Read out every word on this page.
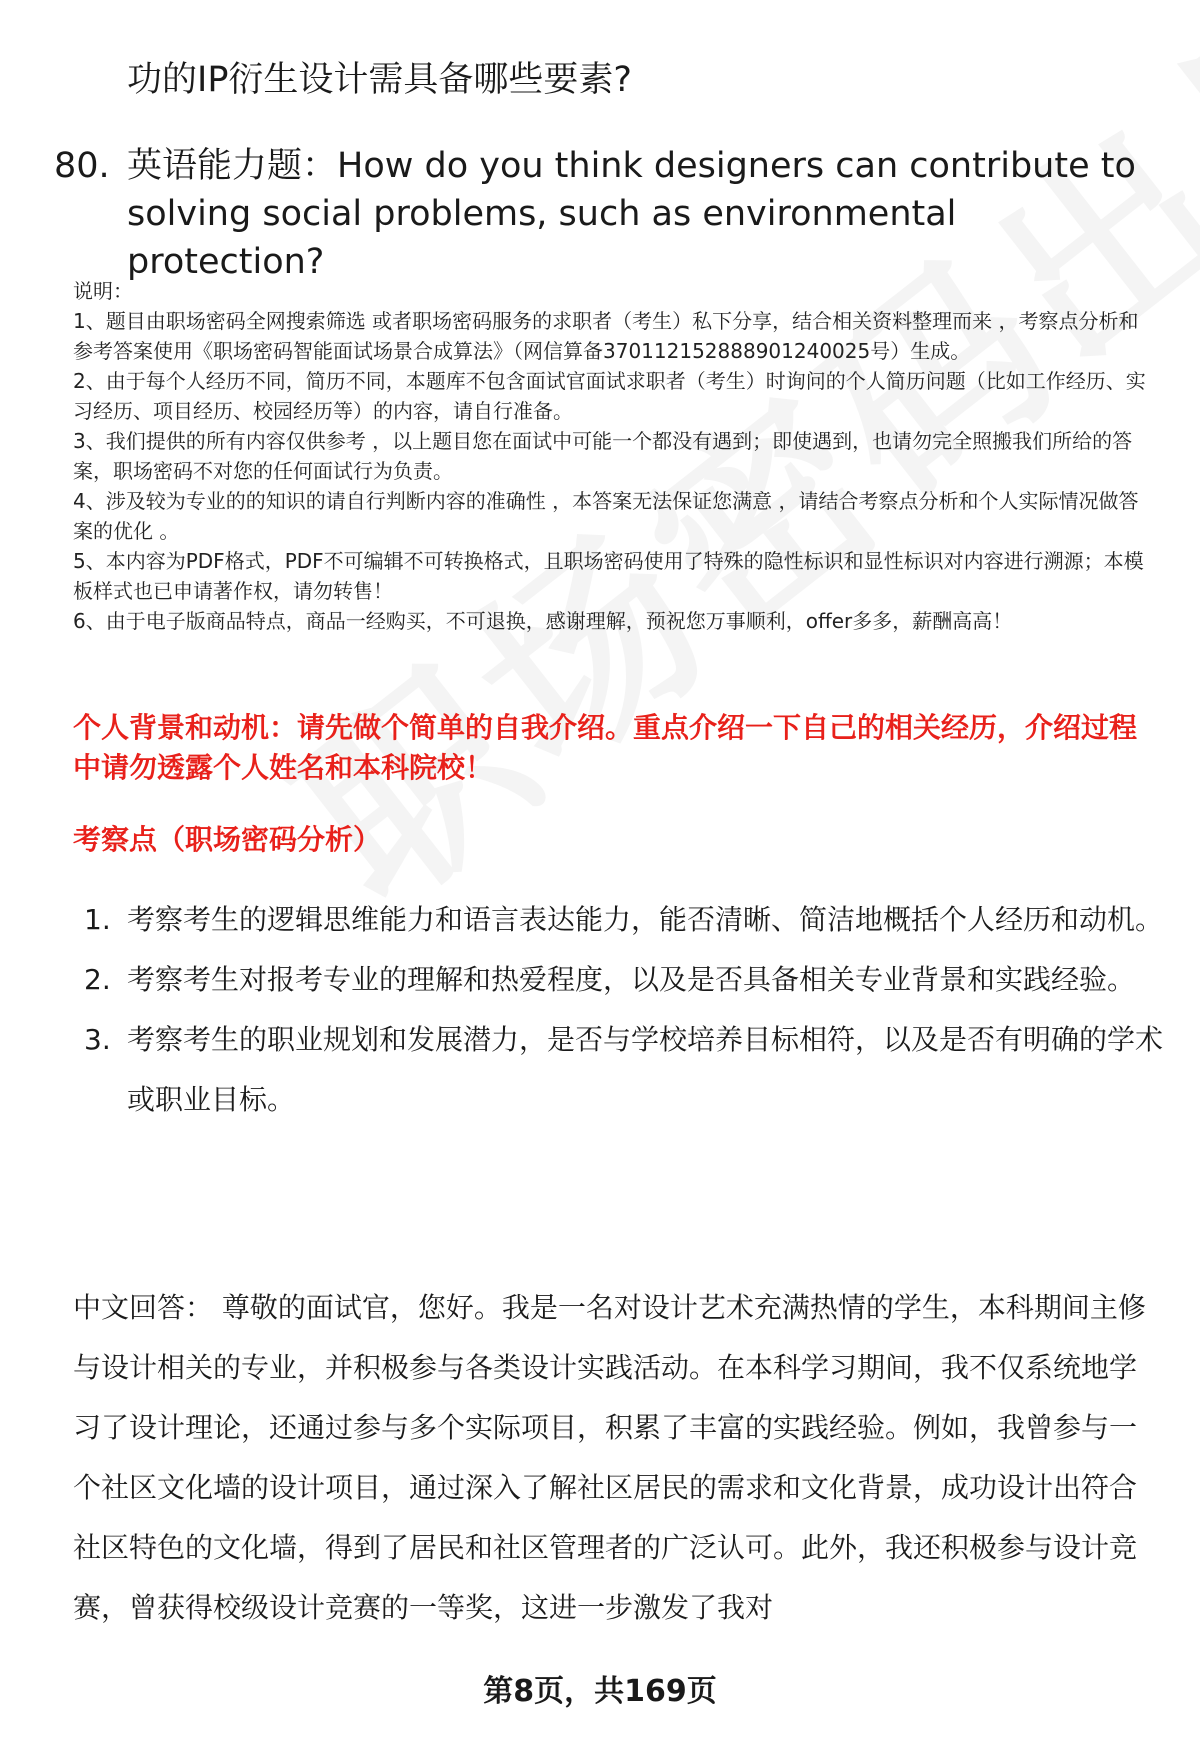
功的IP衍生设计需具备哪些要素?

80. 英语能力题：How do you think designers can contribute to solving social problems, such as environmental protection?

说明：

1、题目由职场密码全网搜索筛选 或者职场密码服务的求职者（考生）私下分享，结合相关资料整理而来 ，考察点分析和参考答案使用《职场密码智能面试场景合成算法》（网信算备370112152888901240025号）生成。

2、由于每个人经历不同，简历不同，本题库不包含面试官面试求职者（考生）时询问的个人简历问题（比如工作经历、实习经历、项目经历、校园经历等）的内容，请自行准备。

3、我们提供的所有内容仅供参考 ，以上题目您在面试中可能一个都没有遇到；即使遇到，也请勿完全照搬我们所给的答案，职场密码不对您的任何面试行为负责。

4、涉及较为专业的的知识的请自行判断内容的准确性 ，本答案无法保证您满意 ，请结合考察点分析和个人实际情况做答案的优化 。

5、本内容为PDF格式，PDF不可编辑不可转换格式，且职场密码使用了特殊的隐性标识和显性标识对内容进行溯源；本模板样式也已申请著作权，请勿转售！

6、由于电子版商品特点，商品一经购买，不可退换，感谢理解，预祝您万事顺利，offer多多，薪酬高高！

个人背景和动机：请先做个简单的自我介绍。重点介绍一下自己的相关经历，介绍过程中请勿透露个人姓名和本科院校！

考察点（职场密码分析）

1. 考察考生的逻辑思维能力和语言表达能力，能否清晰、简洁地概括个人经历和动机。
2. 考察考生对报考专业的理解和热爱程度，以及是否具备相关专业背景和实践经验。
3. 考察考生的职业规划和发展潜力，是否与学校培养目标相符，以及是否有明确的学术或职业目标。

中文回答： 尊敬的面试官，您好。我是一名对设计艺术充满热情的学生，本科期间主修与设计相关的专业，并积极参与各类设计实践活动。在本科学习期间，我不仅系统地学习了设计理论，还通过参与多个实际项目，积累了丰富的实践经验。例如，我曾参与一个社区文化墙的设计项目，通过深入了解社区居民的需求和文化背景，成功设计出符合社区特色的文化墙，得到了居民和社区管理者的广泛认可。此外，我还积极参与设计竞赛，曾获得校级设计竞赛的一等奖，这进一步激发了我对

第8页，共169页
